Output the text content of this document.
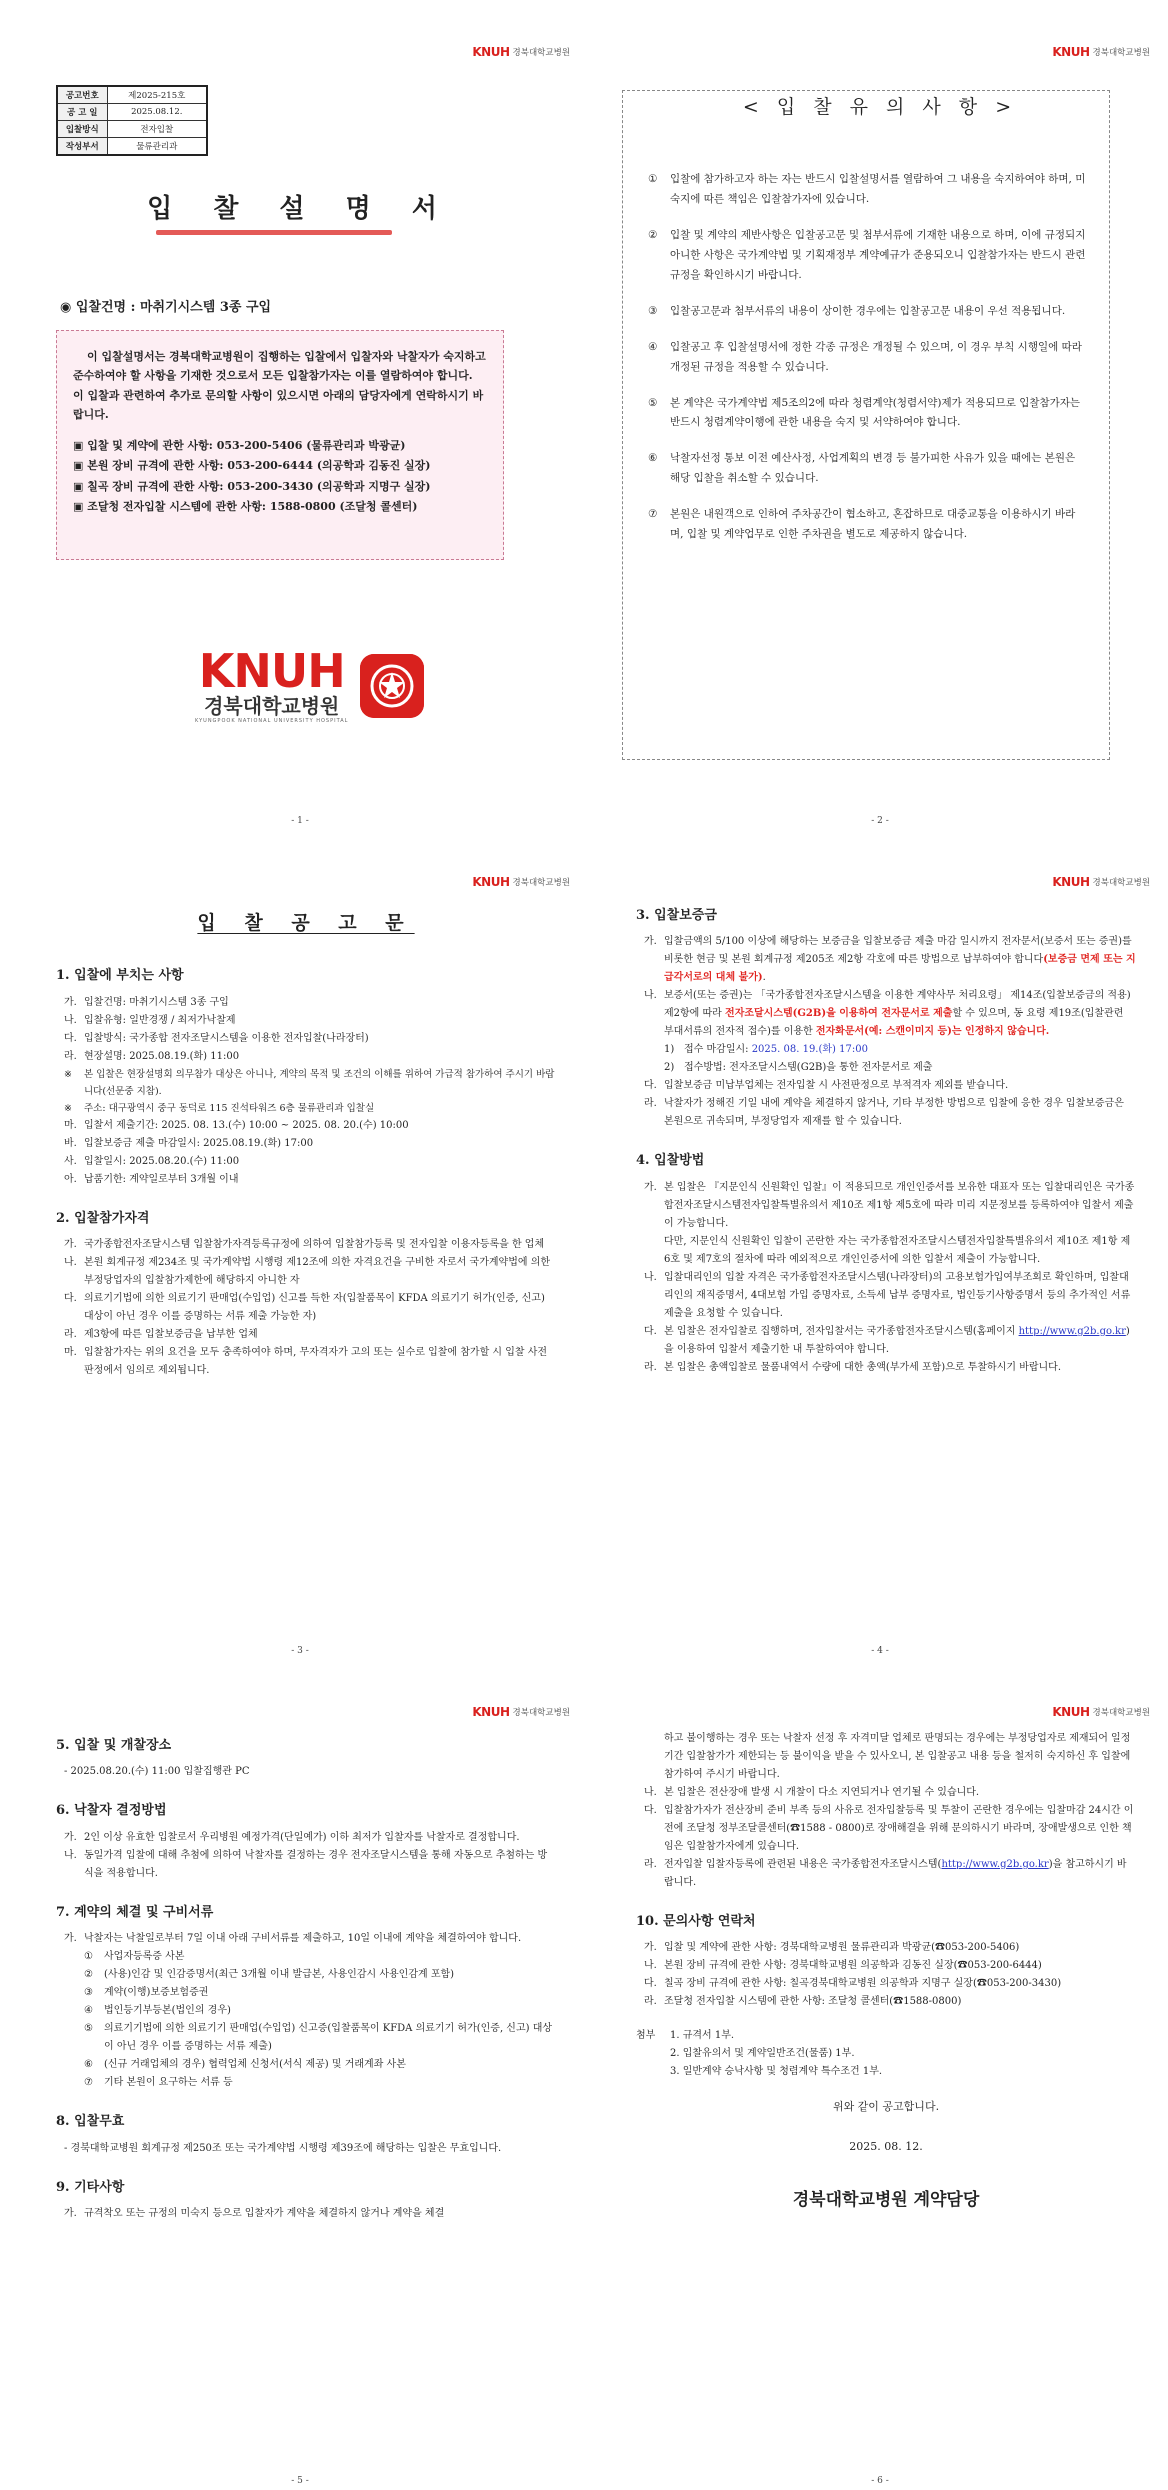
KNUH 경북대학교병원
공고번호	제2025-215호
공 고 일	2025.08.12.
입찰방식	전자입찰
작성부서	물류관리과
입 찰 설 명 서
◉ 입찰건명 : 마취기시스템 3종 구입

이 입찰설명서는 경북대학교병원이 집행하는 입찰에서 입찰자와 낙찰자가 숙지하고 준수하여야 할 사항을 기재한 것으로서 모든 입찰참가자는 이를 열람하여야 합니다. 이 입찰과 관련하여 추가로 문의할 사항이 있으시면 아래의 담당자에게 연락하시기 바랍니다.

▣ 입찰 및 계약에 관한 사항: 053-200-5406 (물류관리과 박광균)
▣ 본원 장비 규격에 관한 사항: 053-200-6444 (의공학과 김동진 실장)
▣ 칠곡 장비 규격에 관한 사항: 053-200-3430 (의공학과 지명구 실장)
▣ 조달청 전자입찰 시스템에 관한 사항: 1588-0800 (조달청 콜센터)
KNUH
경북대학교병원
KYUNGPOOK NATIONAL UNIVERSITY HOSPITAL
- 1 -
KNUH 경북대학교병원
< 입 찰 유 의 사 항 >
①	입찰에 참가하고자 하는 자는 반드시 입찰설명서를 열람하여 그 내용을 숙지하여야 하며, 미숙지에 따른 책임은 입찰참가자에 있습니다.
②	입찰 및 계약의 제반사항은 입찰공고문 및 첨부서류에 기재한 내용으로 하며, 이에 규정되지 아니한 사항은 국가계약법 및 기획재정부 계약예규가 준용되오니 입찰참가자는 반드시 관련 규정을 확인하시기 바랍니다.
③	입찰공고문과 첨부서류의 내용이 상이한 경우에는 입찰공고문 내용이 우선 적용됩니다.
④	입찰공고 후 입찰설명서에 정한 각종 규정은 개정될 수 있으며, 이 경우 부칙 시행일에 따라 개정된 규정을 적용할 수 있습니다.
⑤	본 계약은 국가계약법 제5조의2에 따라 청렴계약(청렴서약)제가 적용되므로 입찰참가자는 반드시 청렴계약이행에 관한 내용을 숙지 및 서약하여야 합니다.
⑥	낙찰자선정 통보 이전 예산사정, 사업계획의 변경 등 불가피한 사유가 있을 때에는 본원은 해당 입찰을 취소할 수 있습니다.
⑦	본원은 내원객으로 인하여 주차공간이 협소하고, 혼잡하므로 대중교통을 이용하시기 바라며, 입찰 및 계약업무로 인한 주차권을 별도로 제공하지 않습니다.
- 2 -
KNUH 경북대학교병원
입 찰 공 고 문
1. 입찰에 부치는 사항
가. 입찰건명: 마취기시스템 3종 구입
나. 입찰유형: 일반경쟁 / 최저가낙찰제
다. 입찰방식: 국가종합 전자조달시스템을 이용한 전자입찰(나라장터)
라. 현장설명: 2025.08.19.(화) 11:00
※	본 입찰은 현장설명회 의무참가 대상은 아니나, 계약의 목적 및 조건의 이해를 위하여 가급적 참가하여 주시기 바랍니다(선문중 지참).
※	주소: 대구광역시 중구 동덕로 115 진석타워즈 6층 물류관리과 입찰실
마. 입찰서 제출기간: 2025. 08. 13.(수) 10:00 ~ 2025. 08. 20.(수) 10:00
바. 입찰보증금 제출 마감일시: 2025.08.19.(화) 17:00
사. 입찰일시: 2025.08.20.(수) 11:00
아. 납품기한: 계약일로부터 3개월 이내
2. 입찰참가자격
가. 국가종합전자조달시스템 입찰참가자격등록규정에 의하여 입찰참가등록 및 전자입찰 이용자등록을 한 업체
나. 본원 회계규정 제234조 및 국가계약법 시행령 제12조에 의한 자격요건을 구비한 자로서 국가계약법에 의한 부정당업자의 입찰참가제한에 해당하지 아니한 자
다. 의료기기법에 의한 의료기기 판매업(수입업) 신고를 득한 자(입찰품목이 KFDA 의료기기 허가(인증, 신고) 대상이 아닌 경우 이를 증명하는 서류 제출 가능한 자)
라. 제3항에 따른 입찰보증금을 납부한 업체
마. 입찰참가자는 위의 요건을 모두 충족하여야 하며, 무자격자가 고의 또는 실수로 입찰에 참가할 시 입찰 사전판정에서 임의로 제외됩니다.
- 3 -
KNUH 경북대학교병원
3. 입찰보증금
가. 입찰금액의 5/100 이상에 해당하는 보증금을 입찰보증금 제출 마감 일시까지 전자문서(보증서 또는 증권)를 비롯한 현금 및 본원 회계규정 제205조 제2항 각호에 따른 방법으로 납부하여야 합니다(보증금 면제 또는 지급각서로의 대체 불가).
나. 보증서(또는 증권)는 「국가종합전자조달시스템을 이용한 계약사무 처리요령」 제14조(입찰보증금의 적용) 제2항에 따라 전자조달시스템(G2B)을 이용하여 전자문서로 제출할 수 있으며, 동 요령 제19조(입찰관련 부대서류의 전자적 접수)를 이용한 전자화문서(예: 스캔이미지 등)는 인정하지 않습니다.
1) 접수 마감일시: 2025. 08. 19.(화) 17:00
2) 접수방법: 전자조달시스템(G2B)을 통한 전자문서로 제출
다. 입찰보증금 미납부업체는 전자입찰 시 사전판정으로 부적격자 제외를 받습니다.
라. 낙찰자가 정해진 기일 내에 계약을 체결하지 않거나, 기타 부정한 방법으로 입찰에 응한 경우 입찰보증금은 본원으로 귀속되며, 부정당업자 제재를 할 수 있습니다.
4. 입찰방법
가. 본 입찰은 『지문인식 신원확인 입찰』이 적용되므로 개인인증서를 보유한 대표자 또는 입찰대리인은 국가종합전자조달시스템전자입찰특별유의서 제10조 제1항 제5호에 따라 미리 지문정보를 등록하여야 입찰서 제출이 가능합니다.
다만, 지문인식 신원확인 입찰이 곤란한 자는 국가종합전자조달시스템전자입찰특별유의서 제10조 제1항 제6호 및 제7호의 절차에 따라 예외적으로 개인인증서에 의한 입찰서 제출이 가능합니다.
나. 입찰대리인의 입찰 자격은 국가종합전자조달시스템(나라장터)의 고용보험가입여부조회로 확인하며, 입찰대리인의 재직증명서, 4대보험 가입 증명자료, 소득세 납부 증명자료, 법인등기사항증명서 등의 추가적인 서류 제출을 요청할 수 있습니다.
다. 본 입찰은 전자입찰로 집행하며, 전자입찰서는 국가종합전자조달시스템(홈페이지 http://www.g2b.go.kr)을 이용하여 입찰서 제출기한 내 투찰하여야 합니다.
라. 본 입찰은 총액입찰로 물품내역서 수량에 대한 총액(부가세 포함)으로 투찰하시기 바랍니다.
- 4 -
KNUH 경북대학교병원
5. 입찰 및 개찰장소
- 2025.08.20.(수) 11:00 입찰집행관 PC
6. 낙찰자 결정방법
가. 2인 이상 유효한 입찰로서 우리병원 예정가격(단일예가) 이하 최저가 입찰자를 낙찰자로 결정합니다.
나. 동일가격 입찰에 대해 추첨에 의하여 낙찰자를 결정하는 경우 전자조달시스템을 통해 자동으로 추첨하는 방식을 적용합니다.
7. 계약의 체결 및 구비서류
가. 낙찰자는 낙찰일로부터 7일 이내 아래 구비서류를 제출하고, 10일 이내에 계약을 체결하여야 합니다.
①	사업자등록증 사본
②	(사용)인감 및 인감증명서(최근 3개월 이내 발급본, 사용인감시 사용인감계 포함)
③	계약(이행)보증보험증권
④	법인등기부등본(법인의 경우)
⑤	의료기기법에 의한 의료기기 판매업(수입업) 신고증(입찰품목이 KFDA 의료기기 허가(인증, 신고) 대상이 아닌 경우 이를 증명하는 서류 제출)
⑥	(신규 거래업체의 경우) 협력업체 신청서(서식 제공) 및 거래계좌 사본
⑦	기타 본원이 요구하는 서류 등
8. 입찰무효
- 경북대학교병원 회계규정 제250조 또는 국가계약법 시행령 제39조에 해당하는 입찰은 무효입니다.
9. 기타사항
가. 규격착오 또는 규정의 미숙지 등으로 입찰자가 계약을 체결하지 않거나 계약을 체결
- 5 -
KNUH 경북대학교병원
하고 불이행하는 경우 또는 낙찰자 선정 후 자격미달 업체로 판명되는 경우에는 부정당업자로 제재되어 일정기간 입찰참가가 제한되는 등 불이익을 받을 수 있사오니, 본 입찰공고 내용 등을 철저히 숙지하신 후 입찰에 참가하여 주시기 바랍니다.
나. 본 입찰은 전산장애 발생 시 개찰이 다소 지연되거나 연기될 수 있습니다.
다. 입찰참가자가 전산장비 준비 부족 등의 사유로 전자입찰등록 및 투찰이 곤란한 경우에는 입찰마감 24시간 이전에 조달청 정부조달콜센터(☎1588 - 0800)로 장애해결을 위해 문의하시기 바라며, 장애발생으로 인한 책임은 입찰참가자에게 있습니다.
라. 전자입찰 입찰자등록에 관련된 내용은 국가종합전자조달시스템(http://www.g2b.go.kr)을 참고하시기 바랍니다.
10. 문의사항 연락처
가. 입찰 및 계약에 관한 사항: 경북대학교병원 물류관리과 박광균(☎053-200-5406)
나. 본원 장비 규격에 관한 사항: 경북대학교병원 의공학과 김동진 실장(☎053-200-6444)
다. 칠곡 장비 규격에 관한 사항: 칠곡경북대학교병원 의공학과 지명구 실장(☎053-200-3430)
라. 조달청 전자입찰 시스템에 관한 사항: 조달청 콜센터(☎1588-0800)
첨부	1. 규격서 1부.
2. 입찰유의서 및 계약일반조건(물품) 1부.
3. 일반계약 승낙사항 및 청렴계약 특수조건 1부.
위와 같이 공고합니다.
2025. 08. 12.
경북대학교병원 계약담당
- 6 -
